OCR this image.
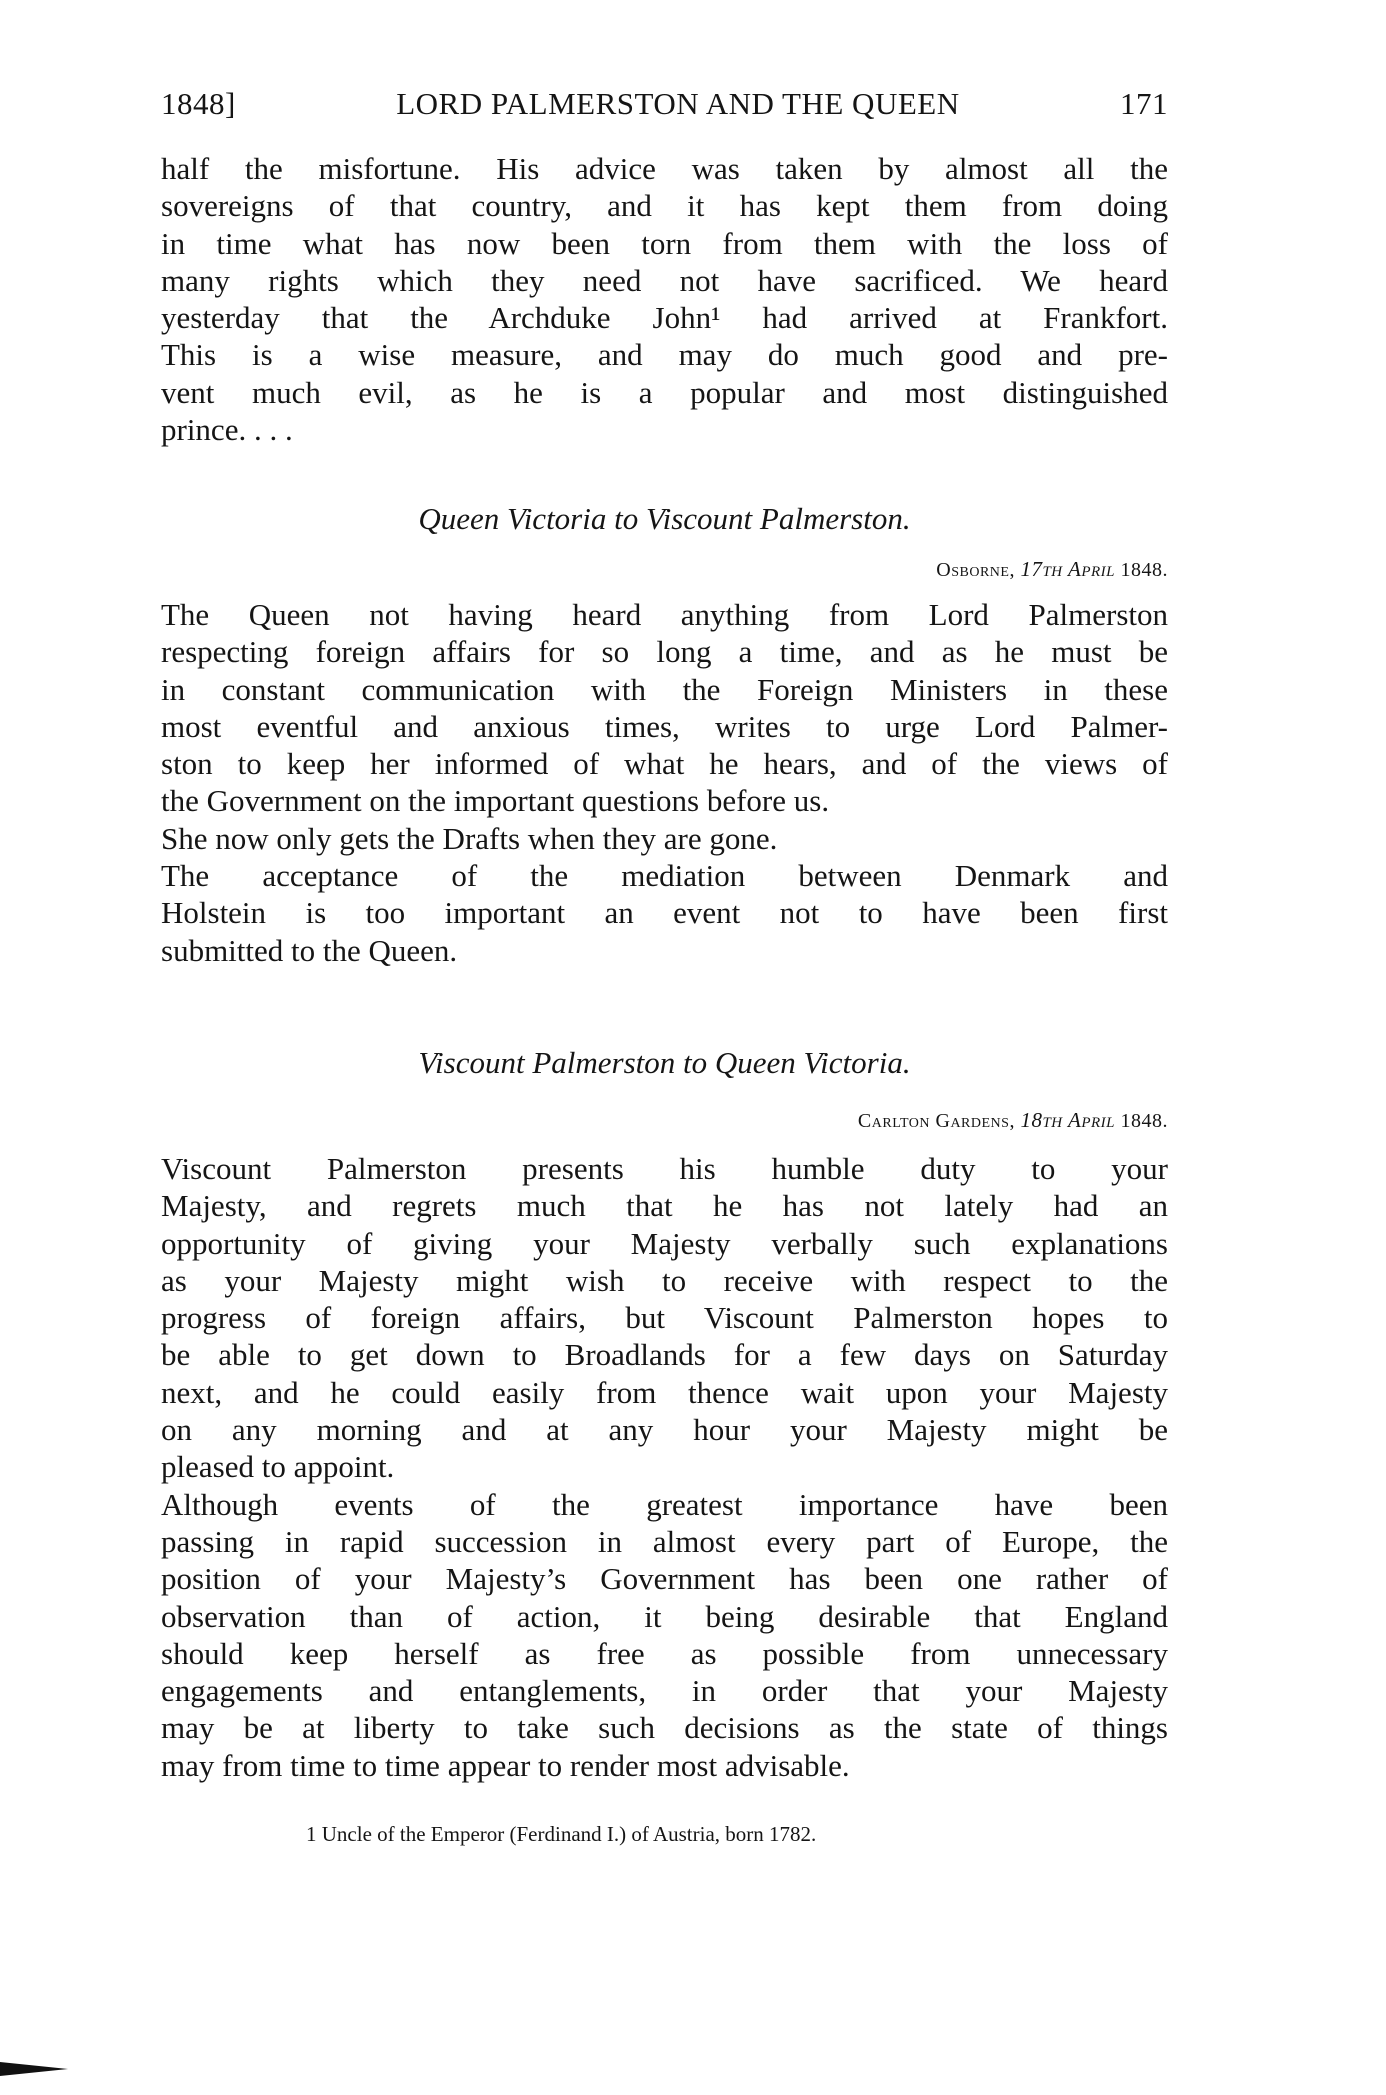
1848]	LORD PALMERSTON AND THE QUEEN	171
half the misfortune. His advice was taken by almost all the
sovereigns of that country, and it has kept them from doing
in time what has now been torn from them with the loss of
many rights which they need not have sacrificed. We heard
yesterday that the Archduke John¹ had arrived at Frankfort.
This is a wise measure, and may do much good and pre-
vent much evil, as he is a popular and most distinguished
prince. . . .
Queen Victoria to Viscount Palmerston.
Osborne, 17th April 1848.
The Queen not having heard anything from Lord Palmerston
respecting foreign affairs for so long a time, and as he must be
in constant communication with the Foreign Ministers in these
most eventful and anxious times, writes to urge Lord Palmer-
ston to keep her informed of what he hears, and of the views of
the Government on the important questions before us.
She now only gets the Drafts when they are gone.
The acceptance of the mediation between Denmark and
Holstein is too important an event not to have been first
submitted to the Queen.
Viscount Palmerston to Queen Victoria.
Carlton Gardens, 18th April 1848.
Viscount Palmerston presents his humble duty to your
Majesty, and regrets much that he has not lately had an
opportunity of giving your Majesty verbally such explanations
as your Majesty might wish to receive with respect to the
progress of foreign affairs, but Viscount Palmerston hopes to
be able to get down to Broadlands for a few days on Saturday
next, and he could easily from thence wait upon your Majesty
on any morning and at any hour your Majesty might be
pleased to appoint.
Although events of the greatest importance have been
passing in rapid succession in almost every part of Europe, the
position of your Majesty’s Government has been one rather of
observation than of action, it being desirable that England
should keep herself as free as possible from unnecessary
engagements and entanglements, in order that your Majesty
may be at liberty to take such decisions as the state of things
may from time to time appear to render most advisable.
1 Uncle of the Emperor (Ferdinand I.) of Austria, born 1782.
